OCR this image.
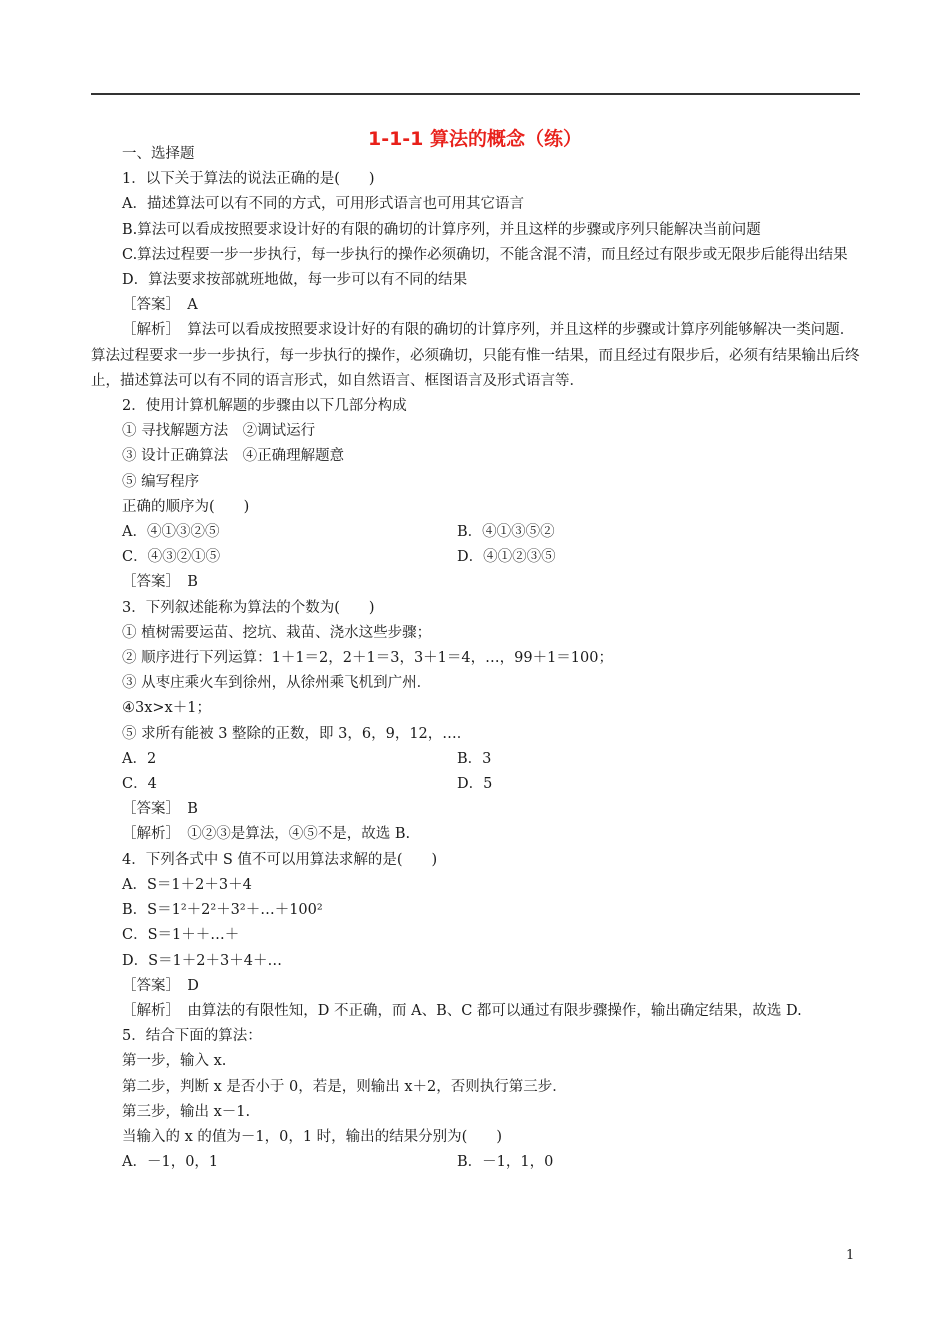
1-1-1 算法的概念（练）

一、选择题

1．以下关于算法的说法正确的是(　　)

A．描述算法可以有不同的方式，可用形式语言也可用其它语言

B.算法可以看成按照要求设计好的有限的确切的计算序列，并且这样的步骤或序列只能解决当前问题

C.算法过程要一步一步执行，每一步执行的操作必须确切，不能含混不清，而且经过有限步或无限步后能得出结果

D．算法要求按部就班地做，每一步可以有不同的结果

［答案］　A

［解析］　算法可以看成按照要求设计好的有限的确切的计算序列，并且这样的步骤或计算序列能够解决一类问题．算法过程要求一步一步执行，每一步执行的操作，必须确切，只能有惟一结果，而且经过有限步后，必须有结果输出后终止，描述算法可以有不同的语言形式，如自然语言、框图语言及形式语言等．

2．使用计算机解题的步骤由以下几部分构成

① 寻找解题方法　②调试运行

③ 设计正确算法　④正确理解题意

⑤ 编写程序

正确的顺序为(　　)

A．④①③②⑤	B．④①③⑤②
C．④③②①⑤	D．④①②③⑤

［答案］　B

3．下列叙述能称为算法的个数为(　　)

① 植树需要运苗、挖坑、栽苗、浇水这些步骤；

② 顺序进行下列运算：1＋1＝2，2＋1＝3，3＋1＝4，…，99＋1＝100；

③ 从枣庄乘火车到徐州，从徐州乘飞机到广州．

④3x>x＋1；

⑤ 求所有能被 3 整除的正数，即 3，6，9，12，…．

A．2	B．3
C．4	D．5

［答案］　B

［解析］　①②③是算法，④⑤不是，故选 B.

4．下列各式中 S 值不可以用算法求解的是(　　)

A．S＝1＋2＋3＋4

B．S＝1²＋2²＋3²＋…＋100²

C．S＝1＋＋…＋

D．S＝1＋2＋3＋4＋…

［答案］　D

［解析］　由算法的有限性知，D 不正确，而 A、B、C 都可以通过有限步骤操作，输出确定结果，故选 D.

5．结合下面的算法：

第一步，输入 x.

第二步，判断 x 是否小于 0，若是，则输出 x＋2，否则执行第三步．

第三步，输出 x－1.

当输入的 x 的值为－1，0，1 时，输出的结果分别为(　　)

A．－1，0，1	B．－1，1，0
1
